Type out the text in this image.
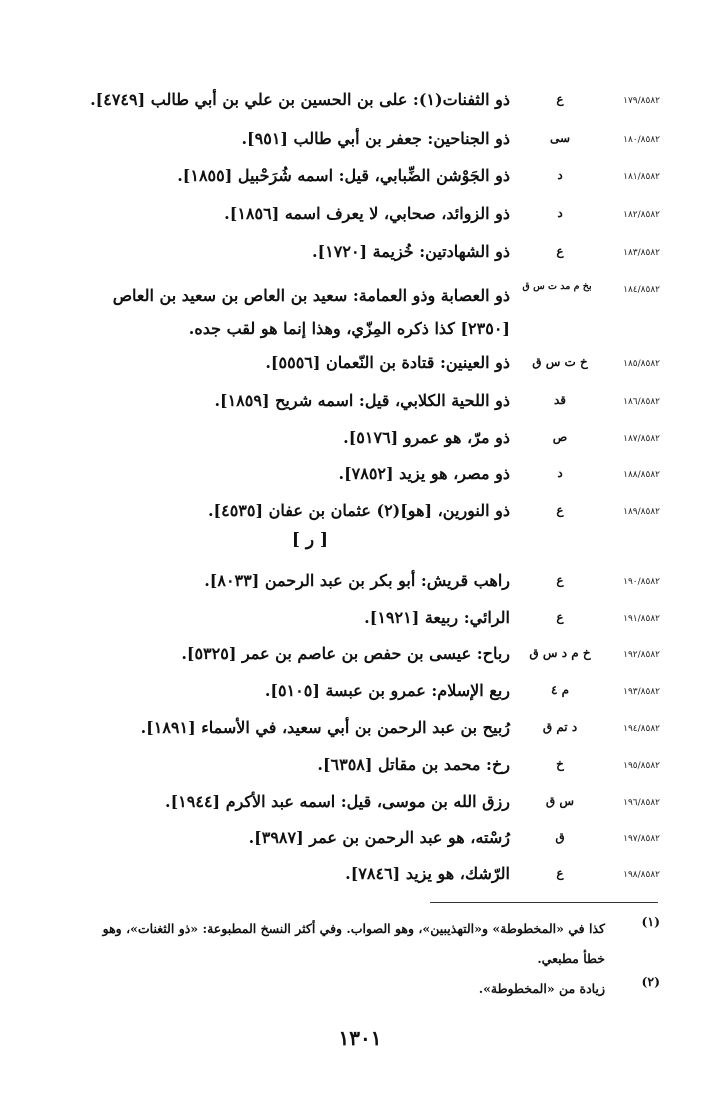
١٧٩/٨٥٨٢
ع
ذو الثفنات(١): على بن الحسين بن علي بن أبي طالب [٤٧٤٩].
١٨٠/٨٥٨٢
سى
ذو الجناحين: جعفر بن أبي طالب [٩٥١].
١٨١/٨٥٨٢
د
ذو الجَوْشن الضِّبابي، قيل: اسمه شُرَحْبيل [١٨٥٥].
١٨٢/٨٥٨٢
د
ذو الزوائد، صحابي، لا يعرف اسمه [١٨٥٦].
١٨٣/٨٥٨٢
ع
ذو الشهادتين: خُزيمة [١٧٢٠].
١٨٤/٨٥٨٢
بخ م مد ت س ق
ذو العصابة وذو العمامة: سعيد بن العاص بن سعيد بن العاص [٢٣٥٠] كذا ذكره المِزّي، وهذا إنما هو لقب جده.
١٨٥/٨٥٨٢
خ ت س ق
ذو العينين: قتادة بن النّعمان [٥٥٥٦].
١٨٦/٨٥٨٢
قد
ذو اللحية الكلابي، قيل: اسمه شريح [١٨٥٩].
١٨٧/٨٥٨٢
ص
ذو مرّ، هو عمرو [٥١٧٦].
١٨٨/٨٥٨٢
د
ذو مصر، هو يزيد [٧٨٥٢].
١٨٩/٨٥٨٢
ع
ذو النورين، [هو](٢) عثمان بن عفان [٤٥٣٥].
[ ر ]
١٩٠/٨٥٨٢
ع
راهب قريش: أبو بكر بن عبد الرحمن [٨٠٣٣].
١٩١/٨٥٨٢
ع
الرائي: ربيعة [١٩٢١].
١٩٢/٨٥٨٢
خ م د س ق
رباح: عيسى بن حفص بن عاصم بن عمر [٥٣٢٥].
١٩٣/٨٥٨٢
م ٤
ربع الإسلام: عمرو بن عبسة [٥١٠٥].
١٩٤/٨٥٨٢
د تم ق
رُبيح بن عبد الرحمن بن أبي سعيد، في الأسماء [١٨٩١].
١٩٥/٨٥٨٢
خ
رخ: محمد بن مقاتل [٦٣٥٨].
١٩٦/٨٥٨٢
س ق
رزق الله بن موسى، قيل: اسمه عبد الأكرم [١٩٤٤].
١٩٧/٨٥٨٢
ق
رُسْته، هو عبد الرحمن بن عمر [٣٩٨٧].
١٩٨/٨٥٨٢
ع
الرّشك، هو يزيد [٧٨٤٦].
(١)
كذا في «المخطوطة» و«التهذيبين»، وهو الصواب. وفي أكثر النسخ المطبوعة: «ذو الثغنات»، وهو خطأ مطبعي.
(٢)
زيادة من «المخطوطة».
١٣٠١
